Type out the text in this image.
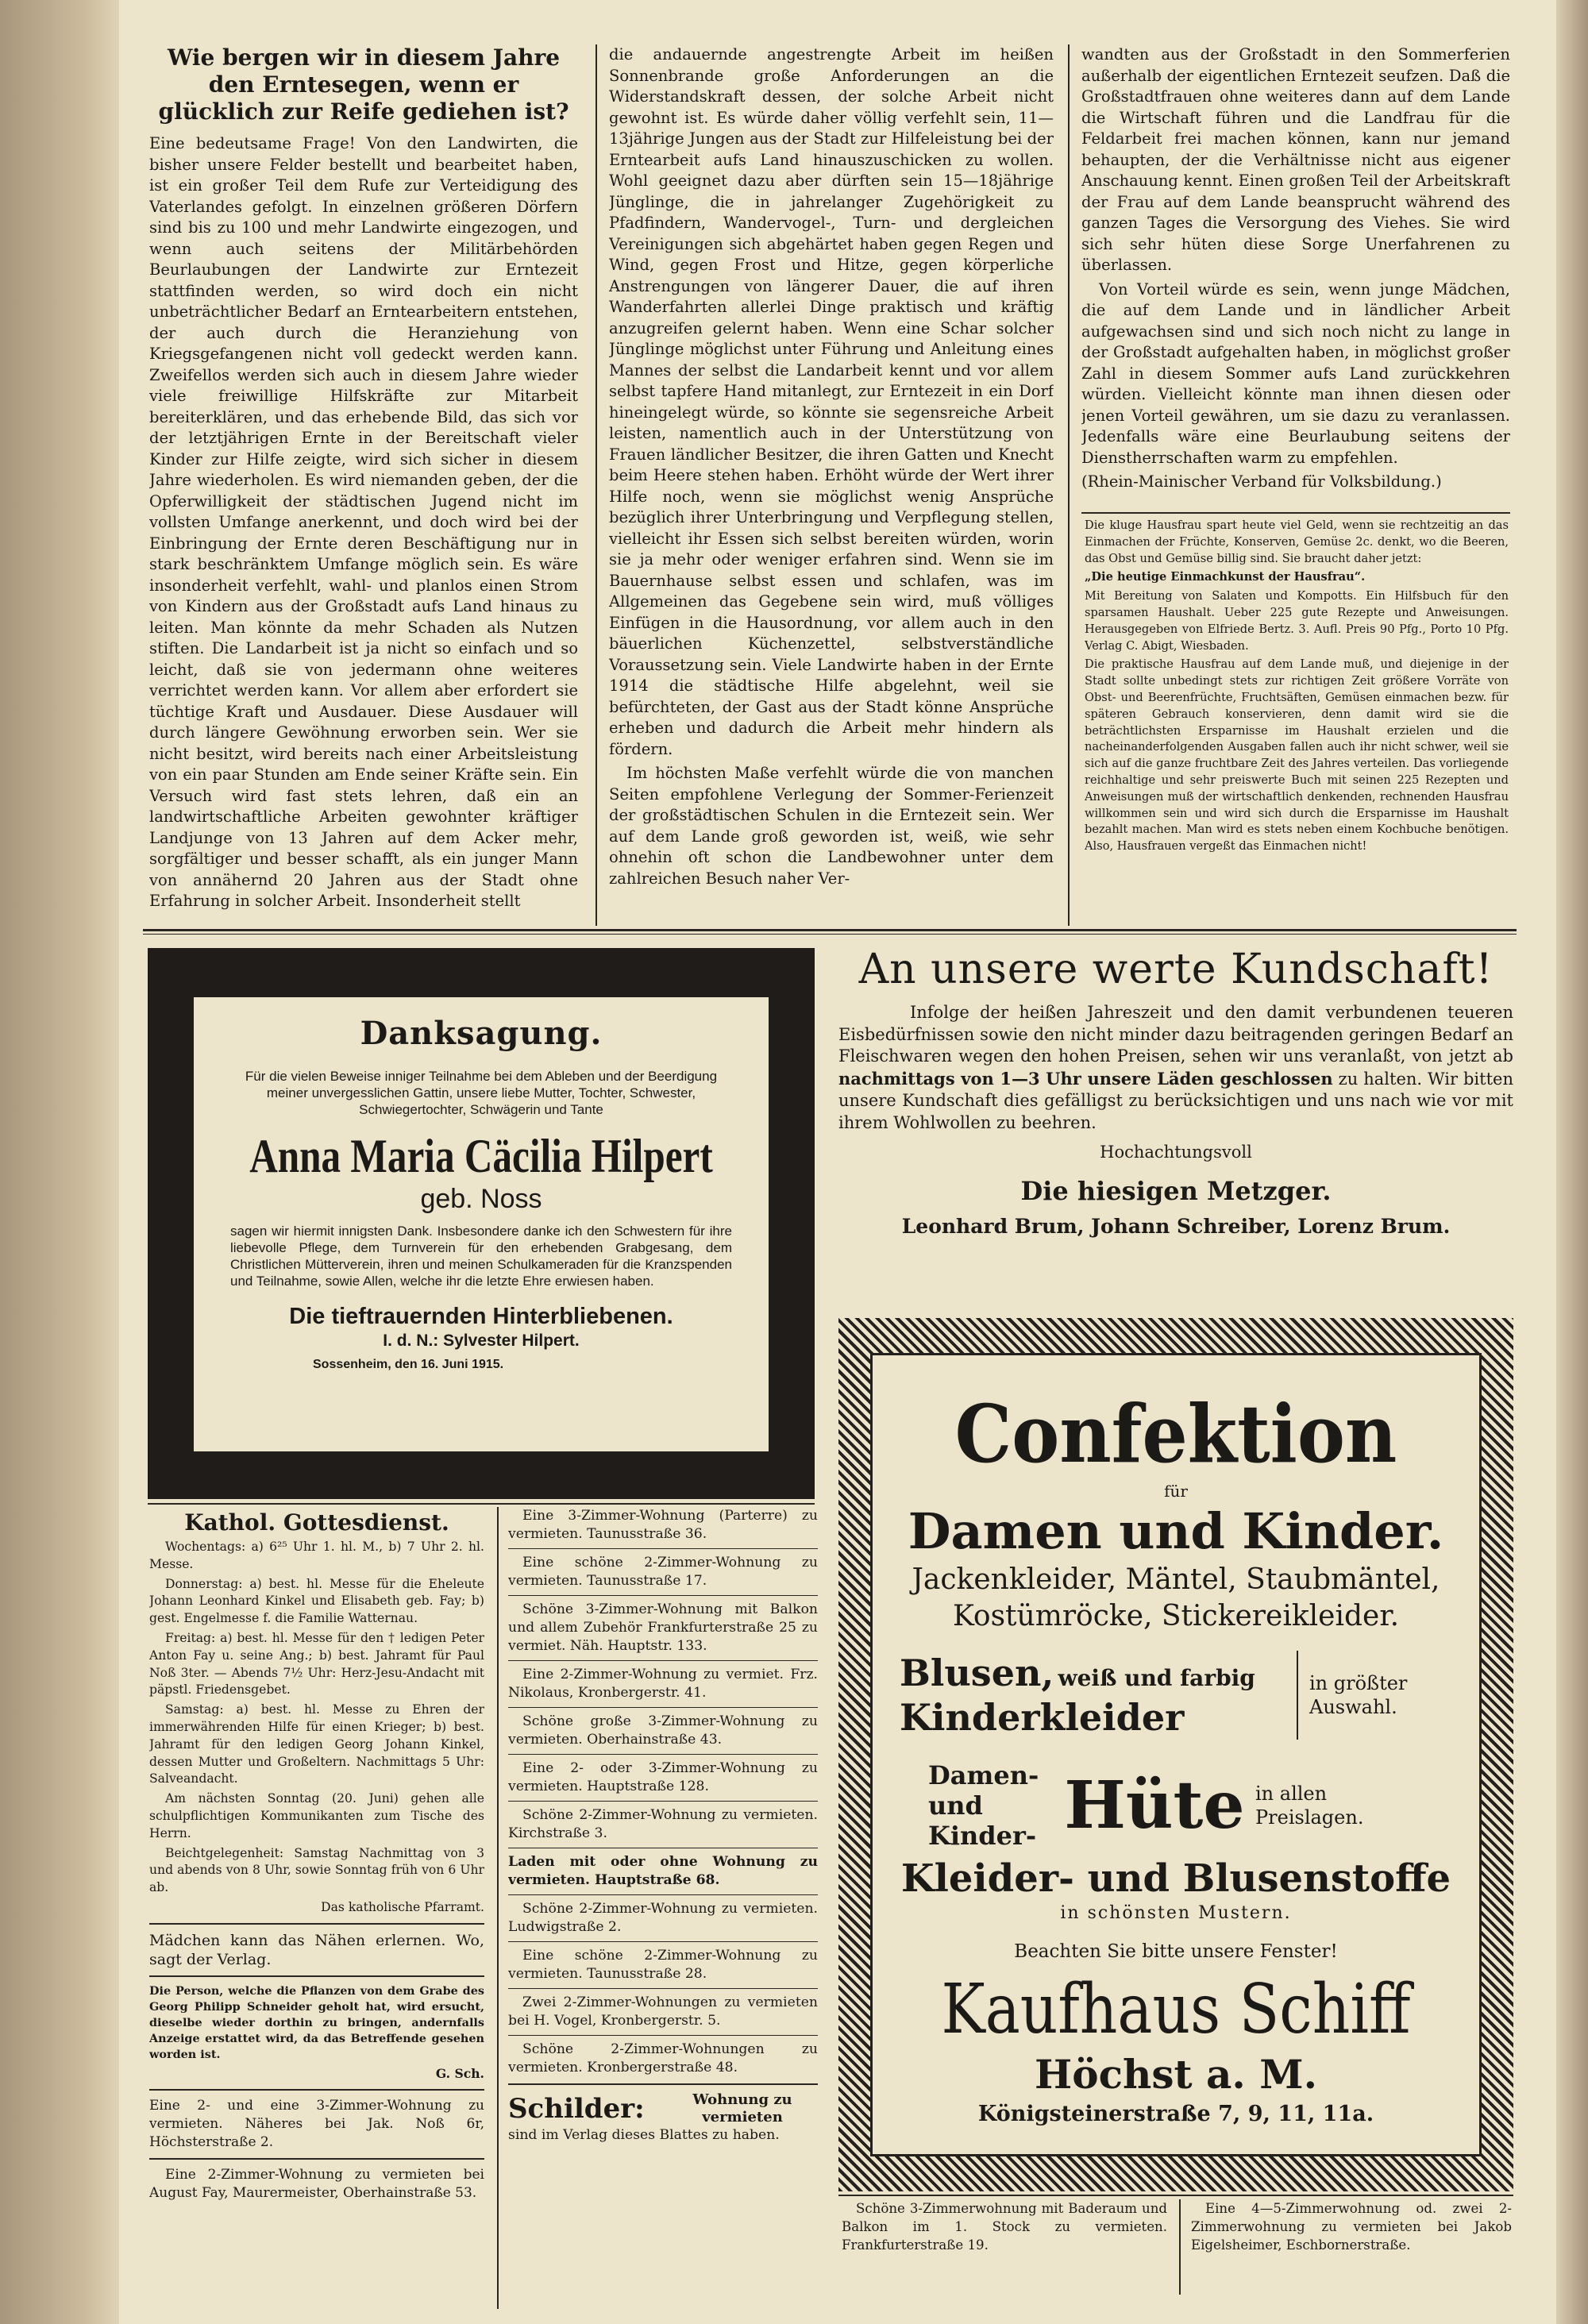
Wie bergen wir in diesem Jahre den Erntesegen, wenn er glücklich zur Reife gediehen ist?

Eine bedeutsame Frage! Von den Landwirten, die bisher unsere Felder bestellt und bearbeitet haben, ist ein großer Teil dem Rufe zur Verteidigung des Vaterlandes gefolgt. In einzelnen größeren Dörfern sind bis zu 100 und mehr Landwirte eingezogen, und wenn auch seitens der Militärbehörden Beurlaubungen der Landwirte zur Erntezeit stattfinden werden, so wird doch ein nicht unbeträchtlicher Bedarf an Erntearbeitern entstehen, der auch durch die Heranziehung von Kriegsgefangenen nicht voll gedeckt werden kann. Zweifellos werden sich auch in diesem Jahre wieder viele freiwillige Hilfskräfte zur Mitarbeit bereiterklären, und das erhebende Bild, das sich vor der letztjährigen Ernte in der Bereitschaft vieler Kinder zur Hilfe zeigte, wird sich sicher in diesem Jahre wiederholen. Es wird niemanden geben, der die Opferwilligkeit der städtischen Jugend nicht im vollsten Umfange anerkennt, und doch wird bei der Einbringung der Ernte deren Beschäftigung nur in stark beschränktem Umfange möglich sein. Es wäre insonderheit verfehlt, wahl- und planlos einen Strom von Kindern aus der Großstadt aufs Land hinaus zu leiten. Man könnte da mehr Schaden als Nutzen stiften. Die Landarbeit ist ja nicht so einfach und so leicht, daß sie von jedermann ohne weiteres verrichtet werden kann. Vor allem aber erfordert sie tüchtige Kraft und Ausdauer. Diese Ausdauer will durch längere Gewöhnung erworben sein. Wer sie nicht besitzt, wird bereits nach einer Arbeitsleistung von ein paar Stunden am Ende seiner Kräfte sein. Ein Versuch wird fast stets lehren, daß ein an landwirtschaftliche Arbeiten gewohnter kräftiger Landjunge von 13 Jahren auf dem Acker mehr, sorgfältiger und besser schafft, als ein junger Mann von annähernd 20 Jahren aus der Stadt ohne Erfahrung in solcher Arbeit. Insonderheit stellt

die andauernde angestrengte Arbeit im heißen Sonnenbrande große Anforderungen an die Widerstandskraft dessen, der solche Arbeit nicht gewohnt ist. Es würde daher völlig verfehlt sein, 11—13jährige Jungen aus der Stadt zur Hilfeleistung bei der Erntearbeit aufs Land hinauszuschicken zu wollen. Wohl geeignet dazu aber dürften sein 15—18jährige Jünglinge, die in jahrelanger Zugehörigkeit zu Pfadfindern, Wandervogel-, Turn- und dergleichen Vereinigungen sich abgehärtet haben gegen Regen und Wind, gegen Frost und Hitze, gegen körperliche Anstrengungen von längerer Dauer, die auf ihren Wanderfahrten allerlei Dinge praktisch und kräftig anzugreifen gelernt haben. Wenn eine Schar solcher Jünglinge möglichst unter Führung und Anleitung eines Mannes der selbst die Landarbeit kennt und vor allem selbst tapfere Hand mitanlegt, zur Erntezeit in ein Dorf hineingelegt würde, so könnte sie segensreiche Arbeit leisten, namentlich auch in der Unterstützung von Frauen ländlicher Besitzer, die ihren Gatten und Knecht beim Heere stehen haben. Erhöht würde der Wert ihrer Hilfe noch, wenn sie möglichst wenig Ansprüche bezüglich ihrer Unterbringung und Verpflegung stellen, vielleicht ihr Essen sich selbst bereiten würden, worin sie ja mehr oder weniger erfahren sind. Wenn sie im Bauernhause selbst essen und schlafen, was im Allgemeinen das Gegebene sein wird, muß völliges Einfügen in die Hausordnung, vor allem auch in den bäuerlichen Küchenzettel, selbstverständliche Voraussetzung sein. Viele Landwirte haben in der Ernte 1914 die städtische Hilfe abgelehnt, weil sie befürchteten, der Gast aus der Stadt könne Ansprüche erheben und dadurch die Arbeit mehr hindern als fördern.

Im höchsten Maße verfehlt würde die von manchen Seiten empfohlene Verlegung der Sommer-Ferienzeit der großstädtischen Schulen in die Erntezeit sein. Wer auf dem Lande groß geworden ist, weiß, wie sehr ohnehin oft schon die Landbewohner unter dem zahlreichen Besuch naher Ver-

wandten aus der Großstadt in den Sommerferien außerhalb der eigentlichen Erntezeit seufzen. Daß die Großstadtfrauen ohne weiteres dann auf dem Lande die Wirtschaft führen und die Landfrau für die Feldarbeit frei machen können, kann nur jemand behaupten, der die Verhältnisse nicht aus eigener Anschauung kennt. Einen großen Teil der Arbeitskraft der Frau auf dem Lande beansprucht während des ganzen Tages die Versorgung des Viehes. Sie wird sich sehr hüten diese Sorge Unerfahrenen zu überlassen.

Von Vorteil würde es sein, wenn junge Mädchen, die auf dem Lande und in ländlicher Arbeit aufgewachsen sind und sich noch nicht zu lange in der Großstadt aufgehalten haben, in möglichst großer Zahl in diesem Sommer aufs Land zurückkehren würden. Vielleicht könnte man ihnen diesen oder jenen Vorteil gewähren, um sie dazu zu veranlassen. Jedenfalls wäre eine Beurlaubung seitens der Dienstherrschaften warm zu empfehlen.

(Rhein-Mainischer Verband für Volksbildung.)

Die kluge Hausfrau spart heute viel Geld, wenn sie rechtzeitig an das Einmachen der Früchte, Konserven, Gemüse 2c. denkt, wo die Beeren, das Obst und Gemüse billig sind. Sie braucht daher jetzt:

„Die heutige Einmachkunst der Hausfrau“.

Mit Bereitung von Salaten und Kompotts. Ein Hilfsbuch für den sparsamen Haushalt. Ueber 225 gute Rezepte und Anweisungen. Herausgegeben von Elfriede Bertz. 3. Aufl. Preis 90 Pfg., Porto 10 Pfg. Verlag C. Abigt, Wiesbaden.

Die praktische Hausfrau auf dem Lande muß, und diejenige in der Stadt sollte unbedingt stets zur richtigen Zeit größere Vorräte von Obst- und Beerenfrüchte, Fruchtsäften, Gemüsen einmachen bezw. für späteren Gebrauch konservieren, denn damit wird sie die beträchtlichsten Ersparnisse im Haushalt erzielen und die nacheinanderfolgenden Ausgaben fallen auch ihr nicht schwer, weil sie sich auf die ganze fruchtbare Zeit des Jahres verteilen. Das vorliegende reichhaltige und sehr preiswerte Buch mit seinen 225 Rezepten und Anweisungen muß der wirtschaftlich denkenden, rechnenden Hausfrau willkommen sein und wird sich durch die Ersparnisse im Haushalt bezahlt machen. Man wird es stets neben einem Kochbuche benötigen. Also, Hausfrauen vergeßt das Einmachen nicht!

Danksagung.
Für die vielen Beweise inniger Teilnahme bei dem Ableben und der Beerdigung meiner unvergesslichen Gattin, unsere liebe Mutter, Tochter, Schwester, Schwiegertochter, Schwägerin und Tante
Anna Maria Cäcilia Hilpert
geb. Noss
sagen wir hiermit innigsten Dank. Insbesondere danke ich den Schwestern für ihre liebevolle Pflege, dem Turnverein für den erhebenden Grabgesang, dem Christlichen Mütterverein, ihren und meinen Schulkameraden für die Kranzspenden und Teilnahme, sowie Allen, welche ihr die letzte Ehre erwiesen haben.
Die tieftrauernden Hinterbliebenen.
I. d. N.: Sylvester Hilpert.
Sossenheim, den 16. Juni 1915.
An unsere werte Kundschaft!

Infolge der heißen Jahreszeit und den damit verbundenen teueren Eisbedürfnissen sowie den nicht minder dazu beitragenden geringen Bedarf an Fleischwaren wegen den hohen Preisen, sehen wir uns veranlaßt, von jetzt ab nachmittags von 1—3 Uhr unsere Läden geschlossen zu halten. Wir bitten unsere Kundschaft dies gefälligst zu berücksichtigen und uns nach wie vor mit ihrem Wohlwollen zu beehren.

Hochachtungsvoll
Die hiesigen Metzger.
Leonhard Brum, Johann Schreiber, Lorenz Brum.
Confektion
für
Damen und Kinder.
Jackenkleider, Mäntel, Staubmäntel,
Kostümröcke, Stickereikleider.
Blusen, weiß und farbig
Kinderkleider
in größter
Auswahl.
Damen- und Kinder- Hüte in allen
Preislagen.
Kleider- und Blusenstoffe
in schönsten Mustern.
Beachten Sie bitte unsere Fenster!
Kaufhaus Schiff
Höchst a. M.
Königsteinerstraße 7, 9, 11, 11a.
Kathol. Gottesdienst.

Wochentags: a) 6²⁵ Uhr 1. hl. M., b) 7 Uhr 2. hl. Messe.

Donnerstag: a) best. hl. Messe für die Eheleute Johann Leonhard Kinkel und Elisabeth geb. Fay; b) gest. Engelmesse f. die Familie Watternau.

Freitag: a) best. hl. Messe für den † ledigen Peter Anton Fay u. seine Ang.; b) best. Jahramt für Paul Noß 3ter. — Abends 7½ Uhr: Herz-Jesu-Andacht mit päpstl. Friedensgebet.

Samstag: a) best. hl. Messe zu Ehren der immerwährenden Hilfe für einen Krieger; b) best. Jahramt für den ledigen Georg Johann Kinkel, dessen Mutter und Großeltern. Nachmittags 5 Uhr: Salveandacht.

Am nächsten Sonntag (20. Juni) gehen alle schulpflichtigen Kommunikanten zum Tische des Herrn.

Beichtgelegenheit: Samstag Nachmittag von 3 und abends von 8 Uhr, sowie Sonntag früh von 6 Uhr ab.

Das katholische Pfarramt.

Mädchen kann das Nähen erlernen. Wo, sagt der Verlag.

Die Person, welche die Pflanzen von dem Grabe des Georg Philipp Schneider geholt hat, wird ersucht, dieselbe wieder dorthin zu bringen, andernfalls Anzeige erstattet wird, da das Betreffende gesehen worden ist.

G. Sch.

Eine 2- und eine 3-Zimmer-Wohnung zu vermieten. Näheres bei Jak. Noß 6r, Höchsterstraße 2.

Eine 2-Zimmer-Wohnung zu vermieten bei August Fay, Maurermeister, Oberhainstraße 53.

Eine 3-Zimmer-Wohnung (Parterre) zu vermieten. Taunusstraße 36.

Eine schöne 2-Zimmer-Wohnung zu vermieten. Taunusstraße 17.

Schöne 3-Zimmer-Wohnung mit Balkon und allem Zubehör Frankfurterstraße 25 zu vermiet. Näh. Hauptstr. 133.

Eine 2-Zimmer-Wohnung zu vermiet. Frz. Nikolaus, Kronbergerstr. 41.

Schöne große 3-Zimmer-Wohnung zu vermieten. Oberhainstraße 43.

Eine 2- oder 3-Zimmer-Wohnung zu vermieten. Hauptstraße 128.

Schöne 2-Zimmer-Wohnung zu vermieten. Kirchstraße 3.

Laden mit oder ohne Wohnung zu vermieten. Hauptstraße 68.

Schöne 2-Zimmer-Wohnung zu vermieten. Ludwigstraße 2.

Eine schöne 2-Zimmer-Wohnung zu vermieten. Taunusstraße 28.

Zwei 2-Zimmer-Wohnungen zu vermieten bei H. Vogel, Kronbergerstr. 5.

Schöne 2-Zimmer-Wohnungen zu vermieten. Kronbergerstraße 48.

Schilder:	Wohnung zu vermieten

sind im Verlag dieses Blattes zu haben.

Schöne 3-Zimmerwohnung mit Baderaum und Balkon im 1. Stock zu vermieten. Frankfurterstraße 19.

Eine 4—5-Zimmerwohnung od. zwei 2-Zimmerwohnung zu vermieten bei Jakob Eigelsheimer, Eschbornerstraße.
